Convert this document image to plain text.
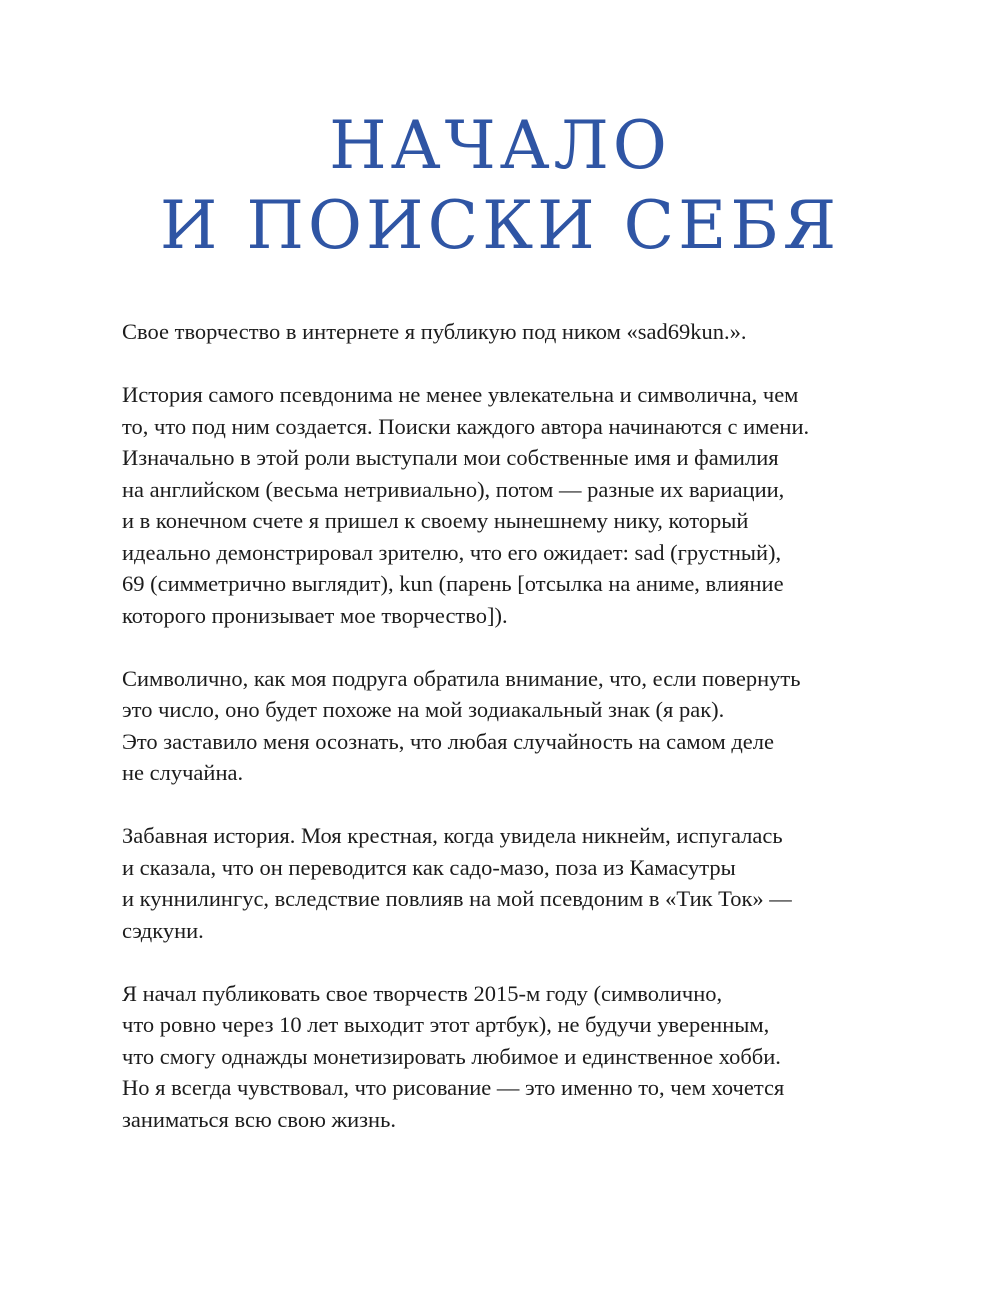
НАЧАЛО
И ПОИСКИ СЕБЯ

Свое творчество в интернете я публикую под ником «sad69kun.».

История самого псевдонима не менее увлекательна и символична, чем
то, что под ним создается. Поиски каждого автора начинаются с имени.
Изначально в этой роли выступали мои собственные имя и фамилия
на английском (весьма нетривиально), потом — разные их вариации,
и в конечном счете я пришел к своему нынешнему нику, который
идеально демонстрировал зрителю, что его ожидает: sad (грустный),
69 (симметрично выглядит), kun (парень [отсылка на аниме, влияние
которого пронизывает мое творчество]).

Символично, как моя подруга обратила внимание, что, если повернуть
это число, оно будет похоже на мой зодиакальный знак (я рак).
Это заставило меня осознать, что любая случайность на самом деле
не случайна.

Забавная история. Моя крестная, когда увидела никнейм, испугалась
и сказала, что он переводится как садо-мазо, поза из Камасутры
и куннилингус, вследствие повлияв на мой псевдоним в «Тик Ток» —
сэдкуни.

Я начал публиковать свое творчеств 2015-м году (символично,
что ровно через 10 лет выходит этот артбук), не будучи уверенным,
что смогу однажды монетизировать любимое и единственное хобби.
Но я всегда чувствовал, что рисование — это именно то, чем хочется
заниматься всю свою жизнь.
